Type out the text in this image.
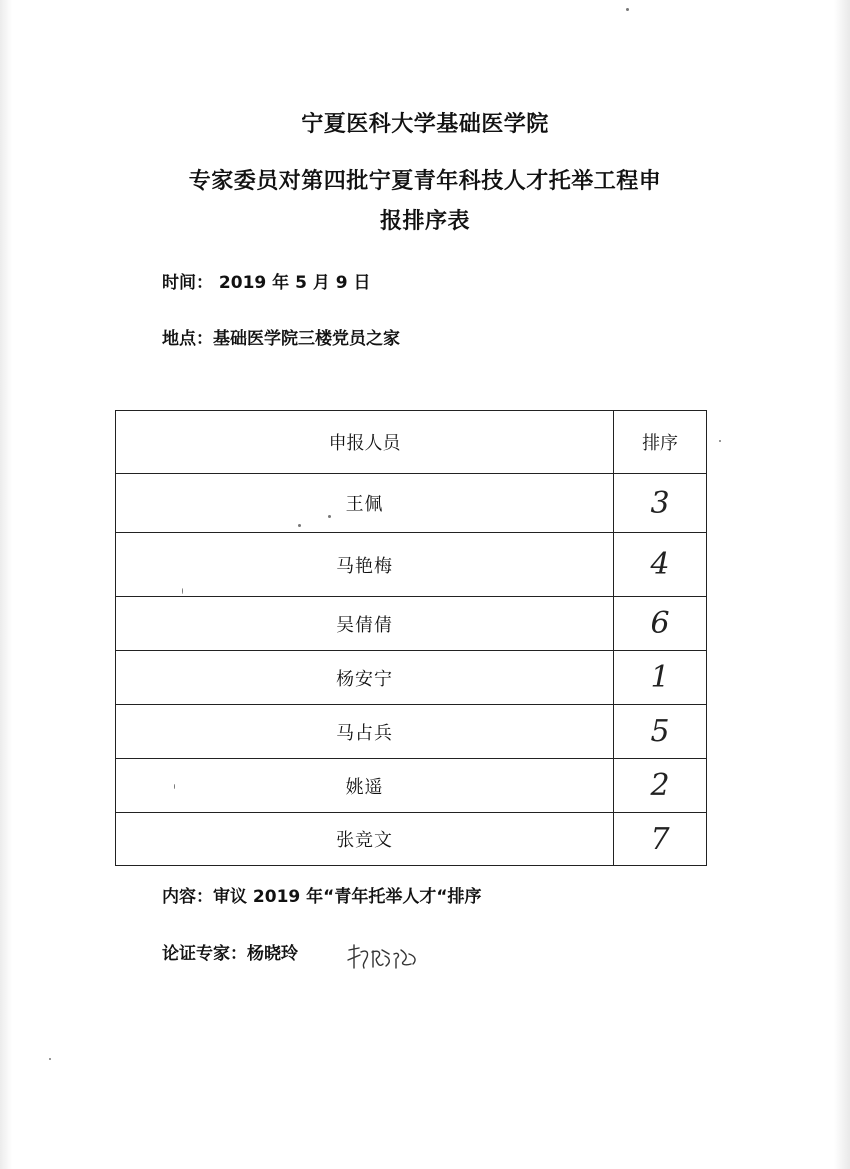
宁夏医科大学基础医学院
专家委员对第四批宁夏青年科技人才托举工程申
报排序表
时间： 2019 年 5 月 9 日
地点：基础医学院三楼党员之家
申报人员	排序
王佩	3
马艳梅	4
吴倩倩	6
杨安宁	1
马占兵	5
姚遥	2
张竞文	7
内容：审议 2019 年“青年托举人才“排序
论证专家：杨晓玲
